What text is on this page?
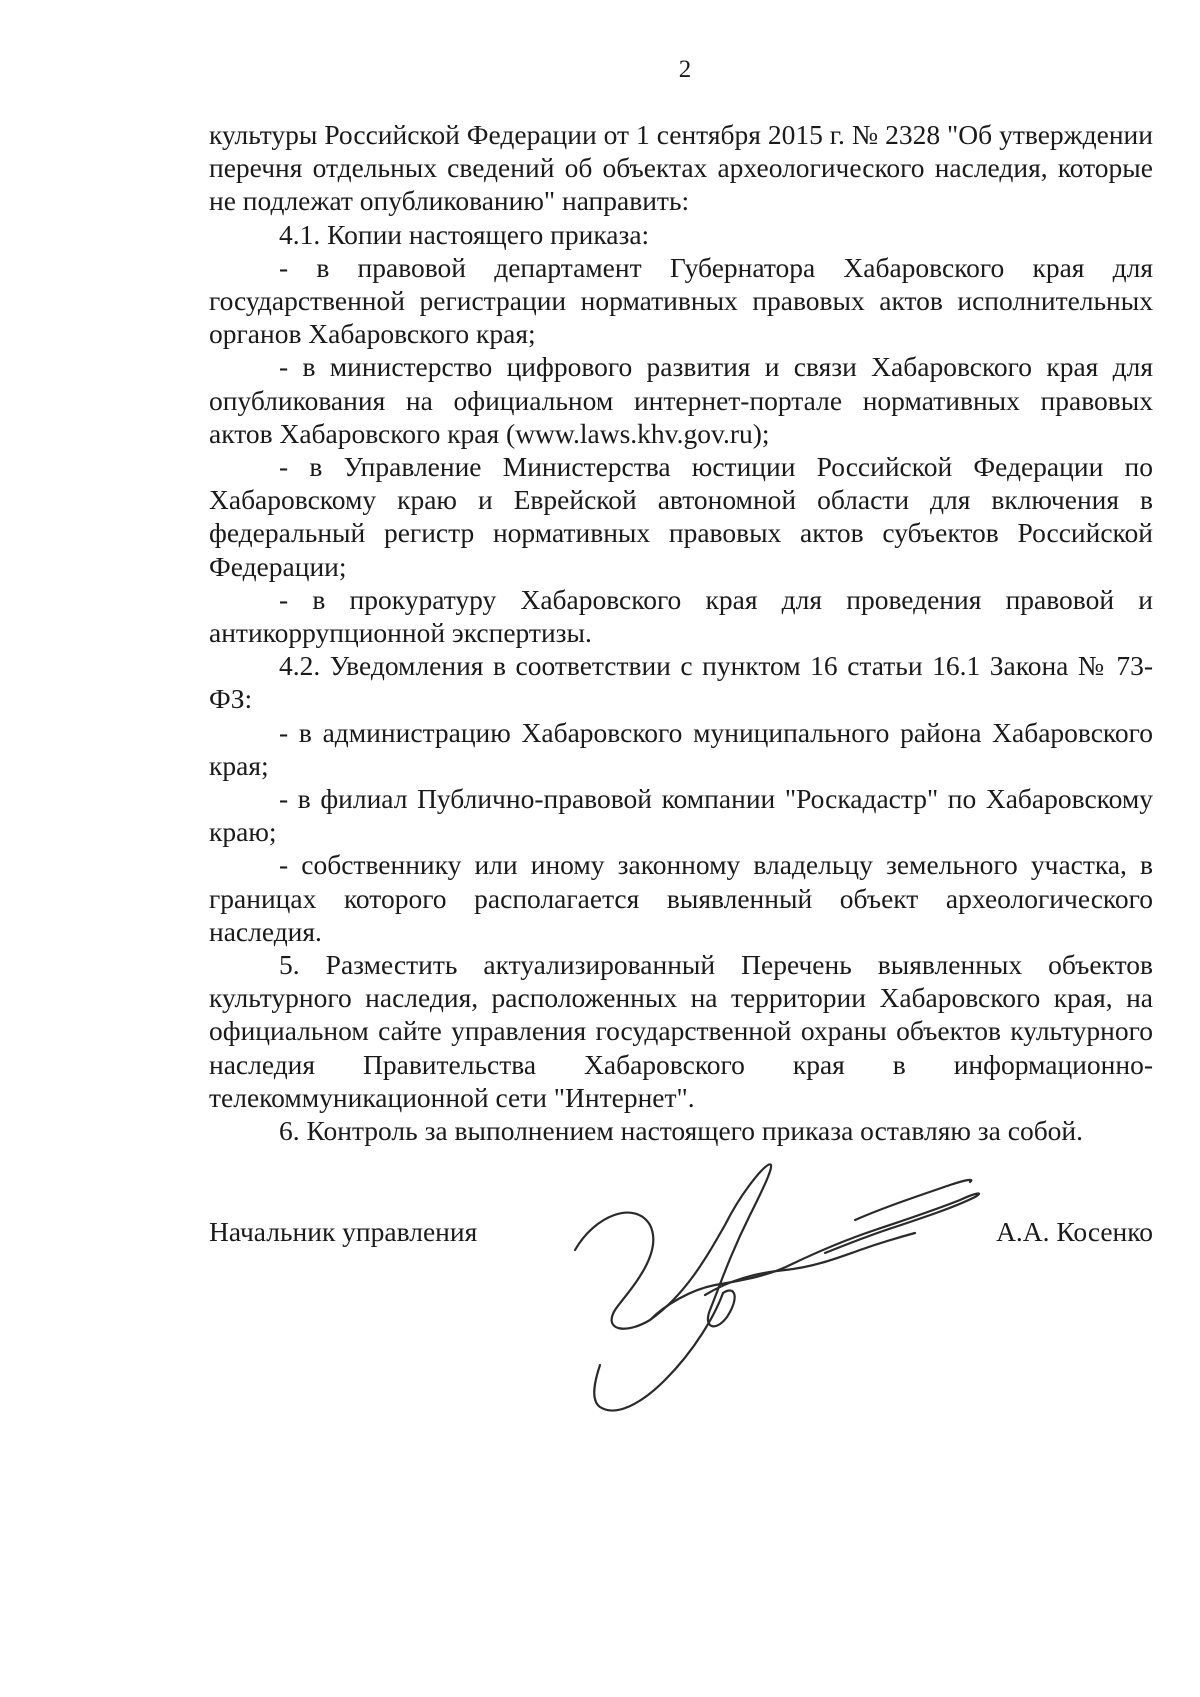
2

культуры Российской Федерации от 1 сентября 2015 г. № 2328 "Об утверждении перечня отдельных сведений об объектах археологического наследия, которые не подлежат опубликованию" направить:

4.1. Копии настоящего приказа:

- в правовой департамент Губернатора Хабаровского края для государственной регистрации нормативных правовых актов исполнительных органов Хабаровского края;

- в министерство цифрового развития и связи Хабаровского края для опубликования на официальном интернет-портале нормативных правовых актов Хабаровского края (www.laws.khv.gov.ru);

- в Управление Министерства юстиции Российской Федерации по Хабаровскому краю и Еврейской автономной области для включения в федеральный регистр нормативных правовых актов субъектов Российской Федерации;

- в прокуратуру Хабаровского края для проведения правовой и антикоррупционной экспертизы.

4.2. Уведомления в соответствии с пунктом 16 статьи 16.1 Закона № 73-ФЗ:

- в администрацию Хабаровского муниципального района Хабаровского края;

- в филиал Публично-правовой компании "Роскадастр" по Хабаровскому краю;

- собственнику или иному законному владельцу земельного участка, в границах которого располагается выявленный объект археологического наследия.

5. Разместить актуализированный Перечень выявленных объектов культурного наследия, расположенных на территории Хабаровского края, на официальном сайте управления государственной охраны объектов культурного наследия Правительства Хабаровского края в информационно-телекоммуникационной сети "Интернет".

6. Контроль за выполнением настоящего приказа оставляю за собой.

Начальник управления	А.А. Косенко
